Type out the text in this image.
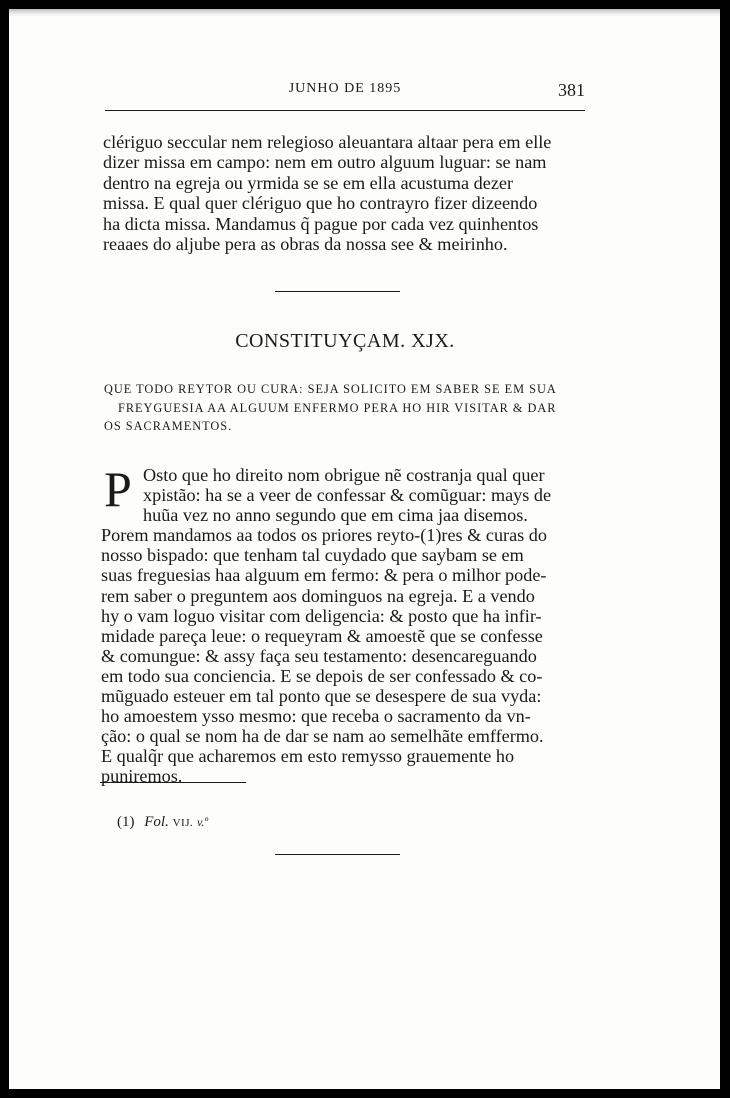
JUNHO DE 1895	381
clériguo seccular nem relegioso aleuantara altaar pera em elle
dizer missa em campo: nem em outro alguum luguar: se nam
dentro na egreja ou yrmida se se em ella acustuma dezer
missa. E qual quer clériguo que ho contrayro fizer dizeendo
ha dicta missa. Mandamus q̃ pague por cada vez quinhentos
reaaes do aljube pera as obras da nossa see & meirinho.
CONSTITUYÇAM. XJX.
QUE TODO REYTOR OU CURA: SEJA SOLICITO EM SABER SE EM SUA
FREYGUESIA AA ALGUUM ENFERMO PERA HO HIR VISITAR & DAR
OS SACRAMENTOS.
P Osto que ho direito nom obrigue nẽ costranja qual quer
xpistão: ha se a veer de confessar & comũguar: mays de
huũa vez no anno segundo que em cima jaa disemos.
Porem mandamos aa todos os priores reyto-(1)res & curas do
nosso bispado: que tenham tal cuydado que saybam se em
suas freguesias haa alguum em fermo: & pera o milhor pode-
rem saber o preguntem aos dominguos na egreja. E a vendo
hy o vam loguo visitar com deligencia: & posto que ha infir-
midade pareça leue: o requeyram & amoestẽ que se confesse
& comungue: & assy faça seu testamento: desencareguando
em todo sua conciencia. E se depois de ser confessado & co-
mũguado esteuer em tal ponto que se desespere de sua vyda:
ho amoestem ysso mesmo: que receba o sacramento da vn-
ção: o qual se nom ha de dar se nam ao semelhãte emffermo.
E qualq̃r que acharemos em esto remysso grauemente ho
puniremos.
(1) Fol. VIJ. v.º
